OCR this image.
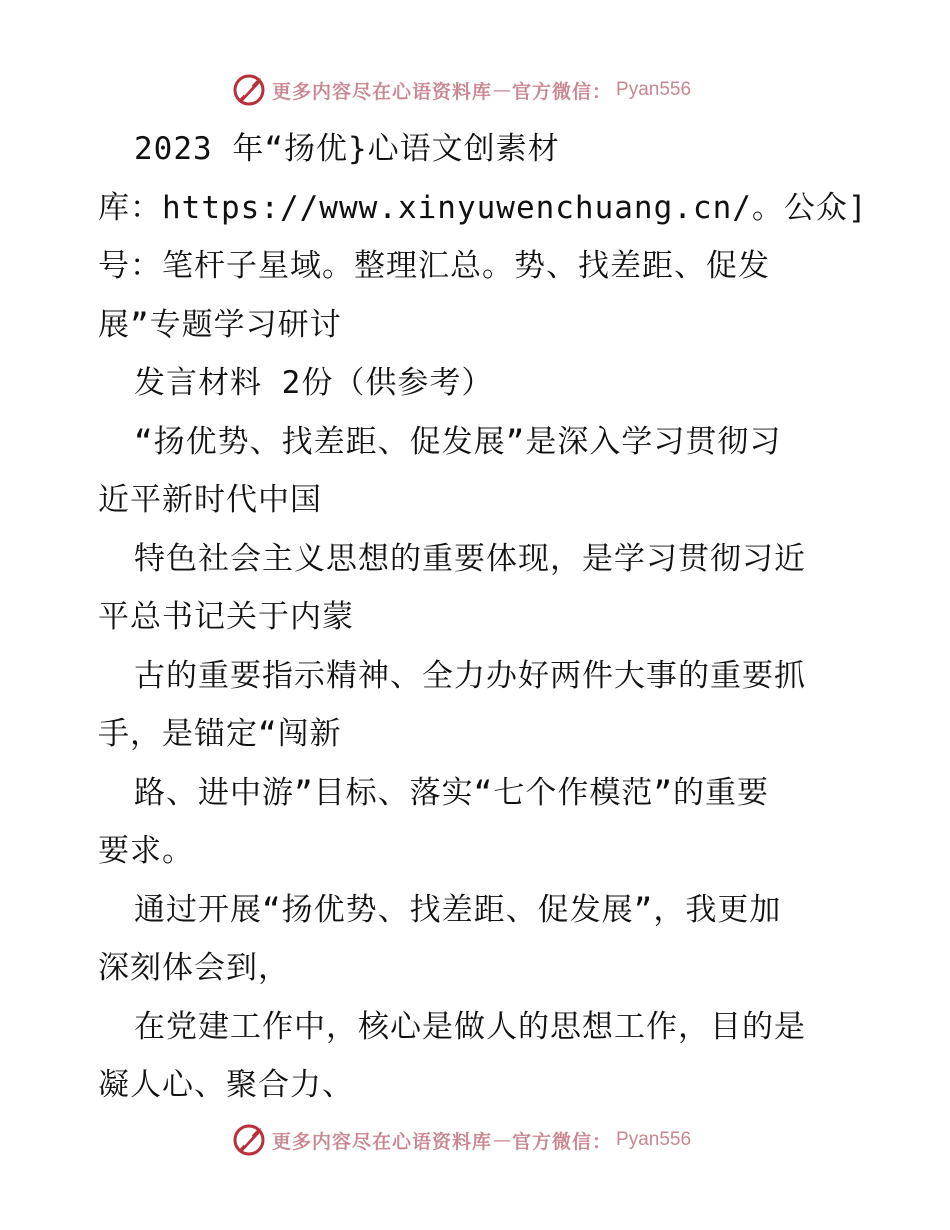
更多内容尽在心语资料库 — 官方微信： Pyan556
2023 年“扬优}心语文创素材
库：https://www.xinyuwenchuang.cn/。公众]
号：笔杆子星域。整理汇总。势、找差距、促发
展”专题学习研讨
发言材料 2份（供参考）
“扬优势、找差距、促发展”是深入学习贯彻习
近平新时代中国
特色社会主义思想的重要体现，是学习贯彻习近
平总书记关于内蒙
古的重要指示精神、全力办好两件大事的重要抓
手，是锚定“闯新
路、进中游”目标、落实“七个作模范”的重要
要求。
通过开展“扬优势、找差距、促发展”，我更加
深刻体会到，
在党建工作中，核心是做人的思想工作，目的是
凝人心、聚合力、
更多内容尽在心语资料库 — 官方微信： Pyan556
